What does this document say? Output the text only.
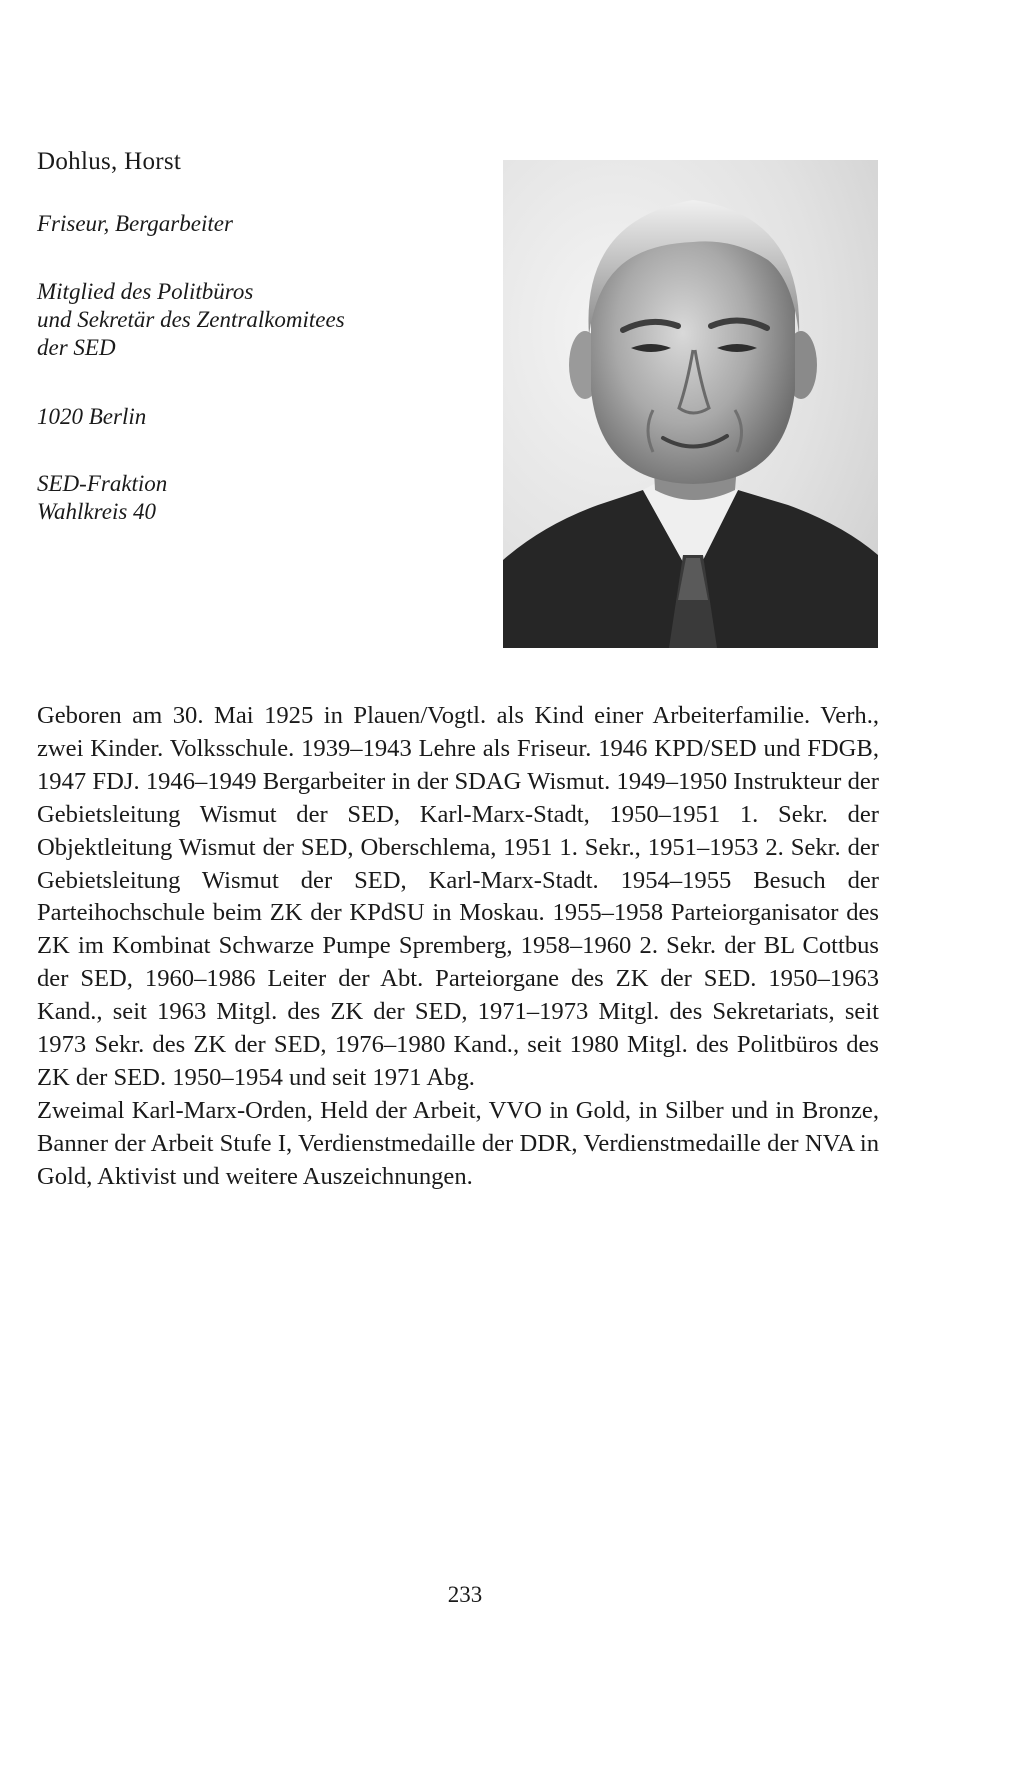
Dohlus, Horst
Friseur, Bergarbeiter
Mitglied des Politbüros
und Sekretär des Zentralkomitees
der SED
1020 Berlin
SED-Fraktion
Wahlkreis 40

Geboren am 30. Mai 1925 in Plauen/Vogtl. als Kind einer Arbeiterfamilie. Verh., zwei Kinder. Volksschule. 1939–1943 Lehre als Friseur. 1946 KPD/SED und FDGB, 1947 FDJ. 1946–1949 Bergarbeiter in der SDAG Wismut. 1949–1950 Instrukteur der Gebietsleitung Wismut der SED, Karl-Marx-Stadt, 1950–1951 1. Sekr. der Objektleitung Wismut der SED, Oberschlema, 1951 1. Sekr., 1951–1953 2. Sekr. der Gebietsleitung Wismut der SED, Karl-Marx-Stadt. 1954–1955 Besuch der Parteihochschule beim ZK der KPdSU in Moskau. 1955–1958 Parteiorganisator des ZK im Kombinat Schwarze Pumpe Spremberg, 1958–1960 2. Sekr. der BL Cottbus der SED, 1960–1986 Leiter der Abt. Parteiorgane des ZK der SED. 1950–1963 Kand., seit 1963 Mitgl. des ZK der SED, 1971–1973 Mitgl. des Sekretariats, seit 1973 Sekr. des ZK der SED, 1976–1980 Kand., seit 1980 Mitgl. des Politbüros des ZK der SED. 1950–1954 und seit 1971 Abg.

Zweimal Karl-Marx-Orden, Held der Arbeit, VVO in Gold, in Silber und in Bronze, Banner der Arbeit Stufe I, Verdienstmedaille der DDR, Verdienstmedaille der NVA in Gold, Aktivist und weitere Auszeichnungen.

233
